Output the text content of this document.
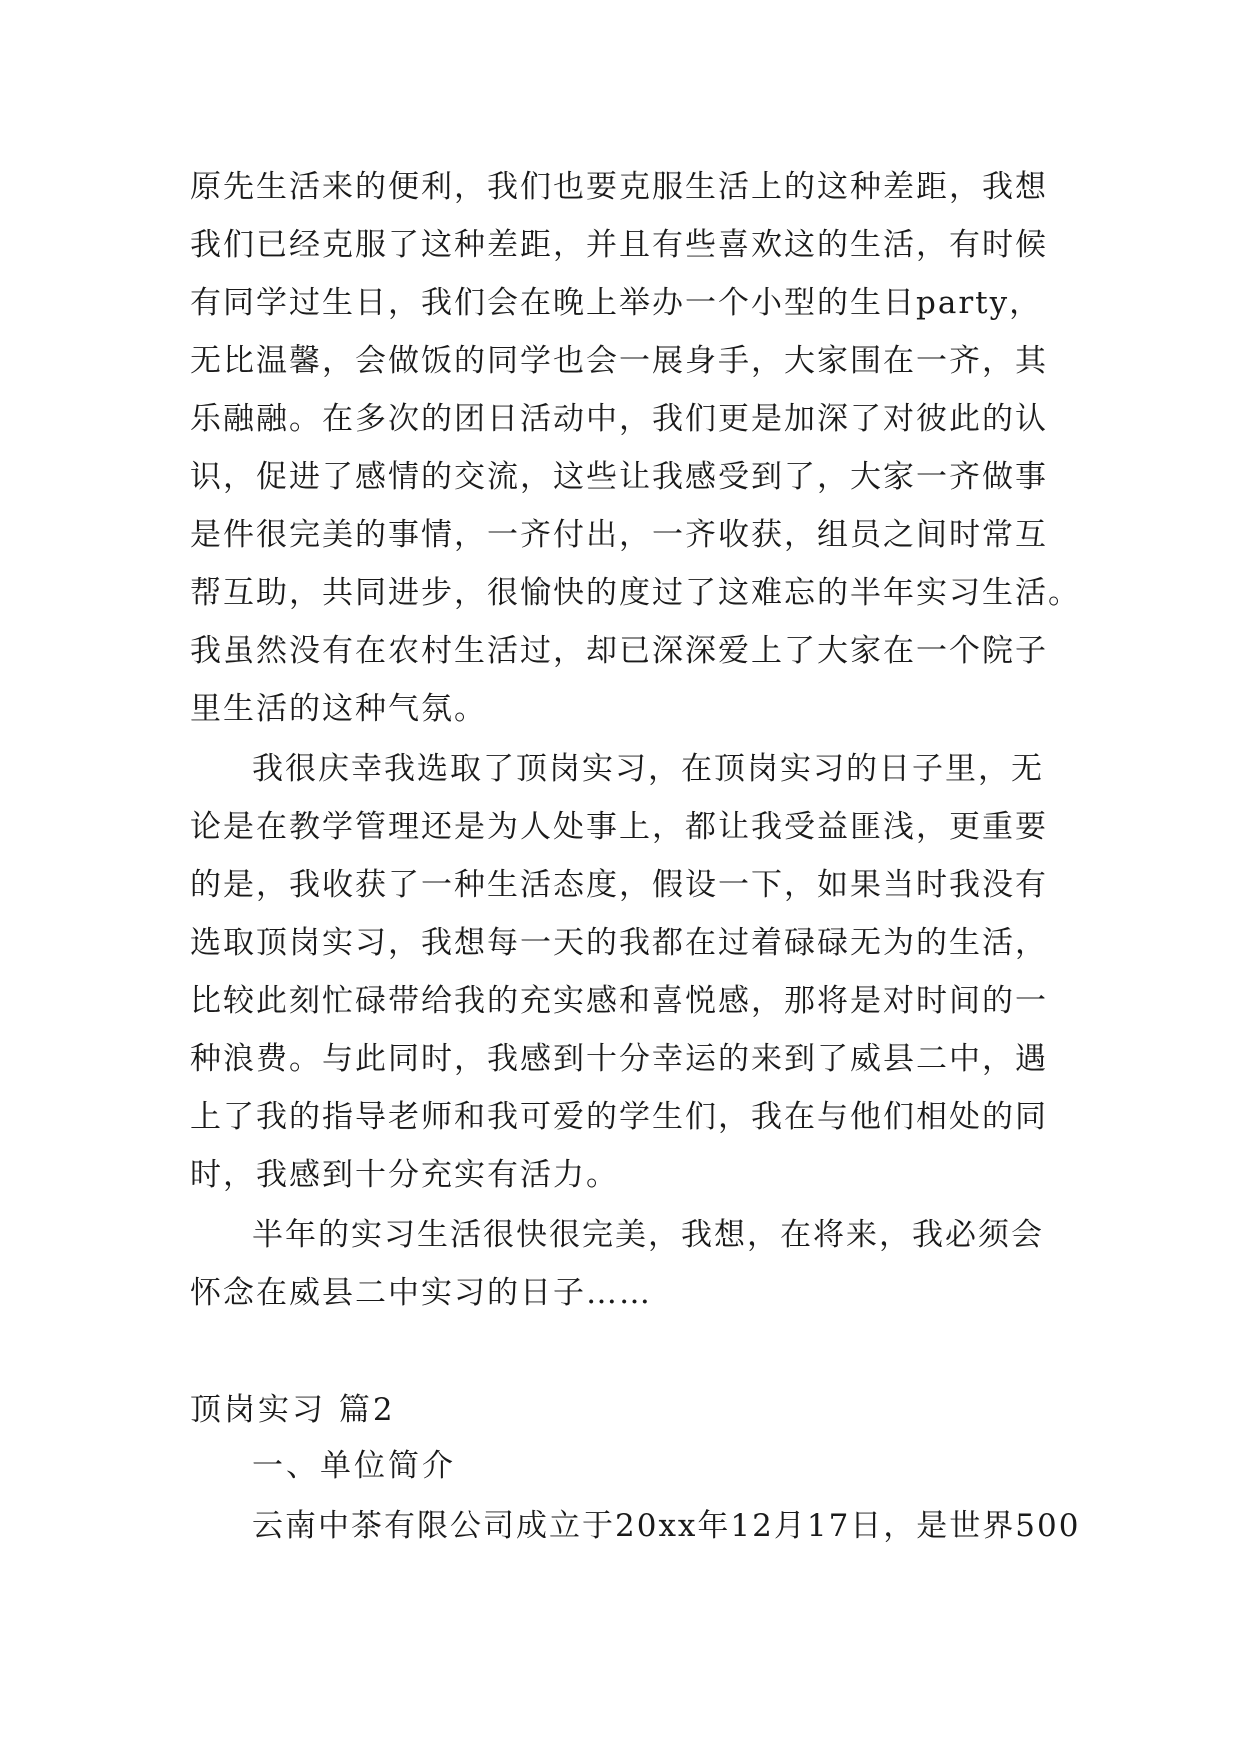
原先生活来的便利，我们也要克服生活上的这种差距，我想
我们已经克服了这种差距，并且有些喜欢这的生活，有时候
有同学过生日，我们会在晚上举办一个小型的生日party，
无比温馨，会做饭的同学也会一展身手，大家围在一齐，其
乐融融。在多次的团日活动中，我们更是加深了对彼此的认
识，促进了感情的交流，这些让我感受到了，大家一齐做事
是件很完美的事情，一齐付出，一齐收获，组员之间时常互
帮互助，共同进步，很愉快的度过了这难忘的半年实习生活。
我虽然没有在农村生活过，却已深深爱上了大家在一个院子
里生活的这种气氛。
我很庆幸我选取了顶岗实习，在顶岗实习的日子里，无
论是在教学管理还是为人处事上，都让我受益匪浅，更重要
的是，我收获了一种生活态度，假设一下，如果当时我没有
选取顶岗实习，我想每一天的我都在过着碌碌无为的生活，
比较此刻忙碌带给我的充实感和喜悦感，那将是对时间的一
种浪费。与此同时，我感到十分幸运的来到了威县二中，遇
上了我的指导老师和我可爱的学生们，我在与他们相处的同
时，我感到十分充实有活力。
半年的实习生活很快很完美，我想，在将来，我必须会
怀念在威县二中实习的日子……
顶岗实习 篇2
一、单位简介
云南中茶有限公司成立于20xx年12月17日，是世界500
